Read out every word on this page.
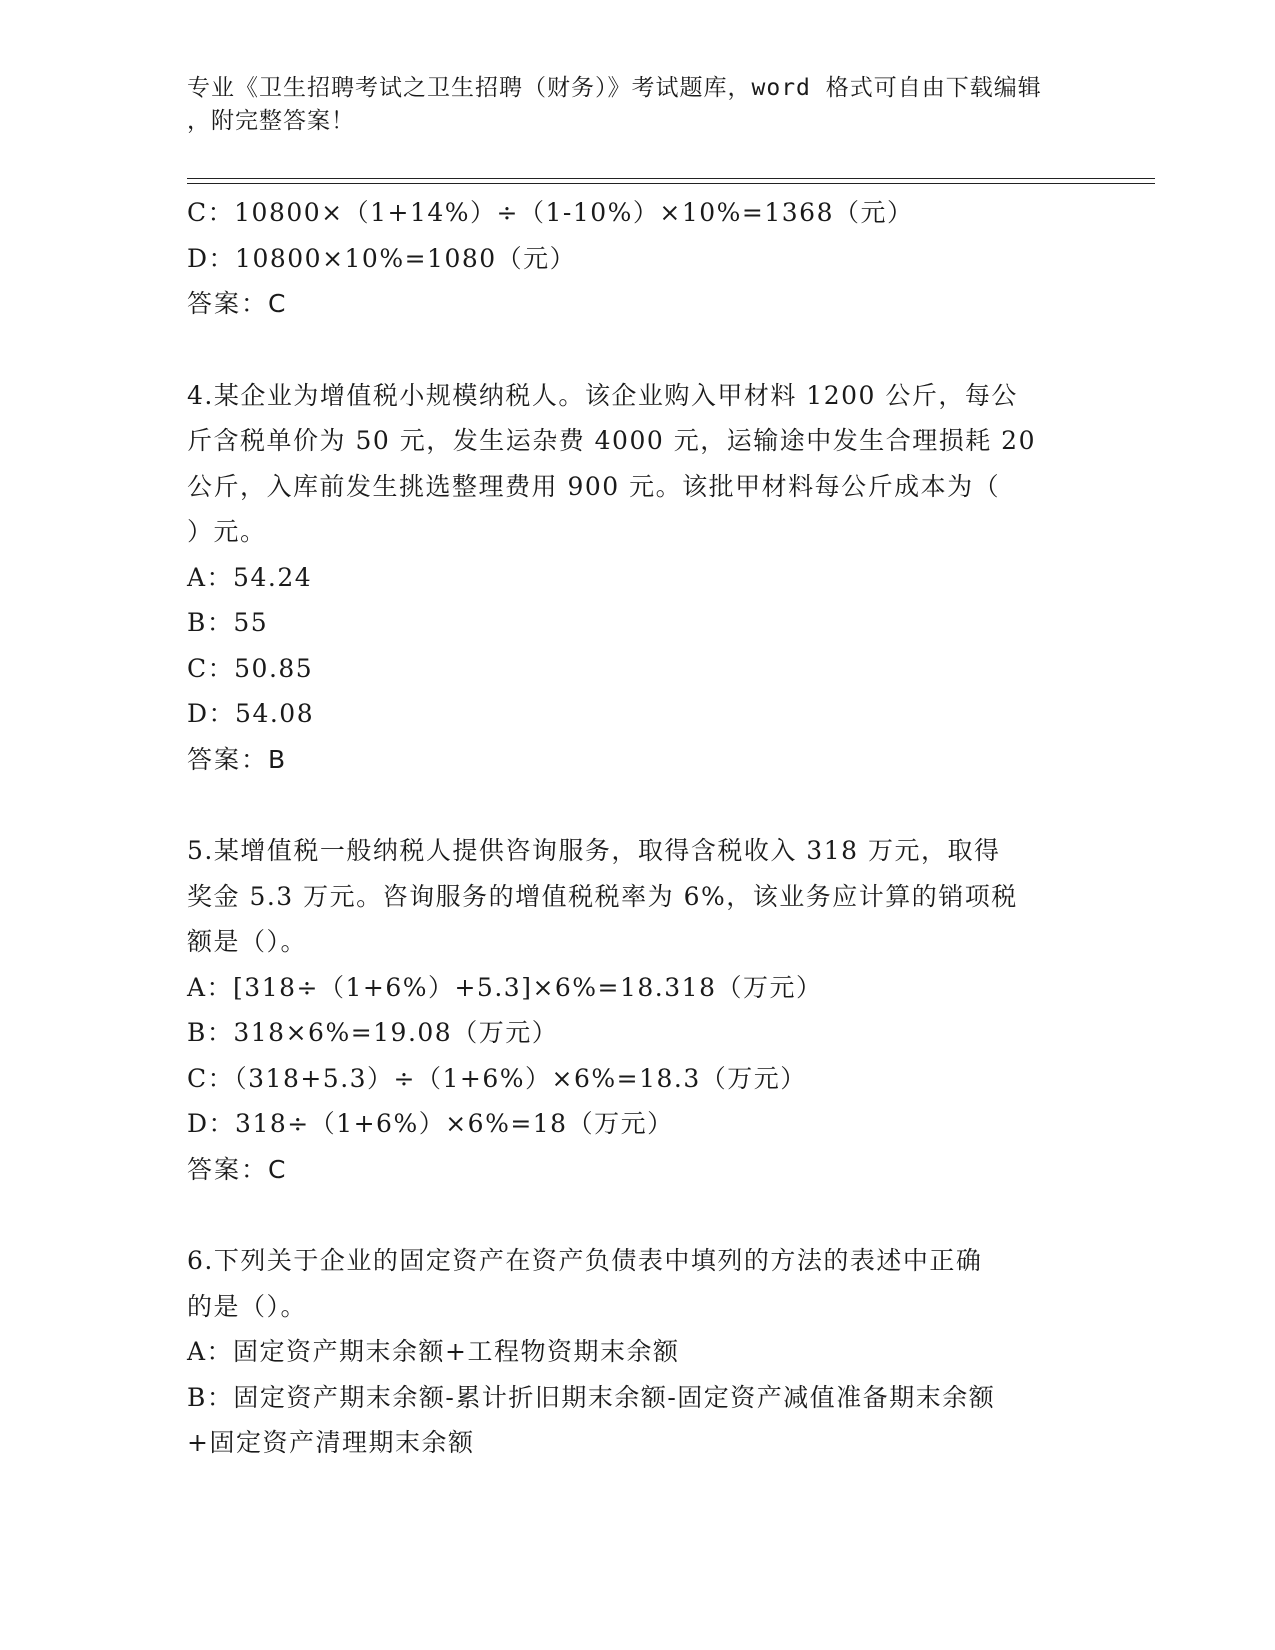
专业《卫生招聘考试之卫生招聘（财务）》考试题库，word 格式可自由下载编辑
，附完整答案！
C：10800×（1+14%）÷（1-10%）×10%=1368（元）
D：10800×10%=1080（元）
答案：C
4.某企业为增值税小规模纳税人。该企业购入甲材料 1200 公斤，每公
斤含税单价为 50 元，发生运杂费 4000 元，运输途中发生合理损耗 20
公斤，入库前发生挑选整理费用 900 元。该批甲材料每公斤成本为（
）元。
A：54.24
B：55
C：50.85
D：54.08
答案：B
5.某增值税一般纳税人提供咨询服务，取得含税收入 318 万元，取得
奖金 5.3 万元。咨询服务的增值税税率为 6%，该业务应计算的销项税
额是（）。
A：[318÷（1+6%）+5.3]×6%=18.318（万元）
B：318×6%=19.08（万元）
C：（318+5.3）÷（1+6%）×6%=18.3（万元）
D：318÷（1+6%）×6%=18（万元）
答案：C
6.下列关于企业的固定资产在资产负债表中填列的方法的表述中正确
的是（）。
A：固定资产期末余额+工程物资期末余额
B：固定资产期末余额-累计折旧期末余额-固定资产减值准备期末余额
+固定资产清理期末余额
